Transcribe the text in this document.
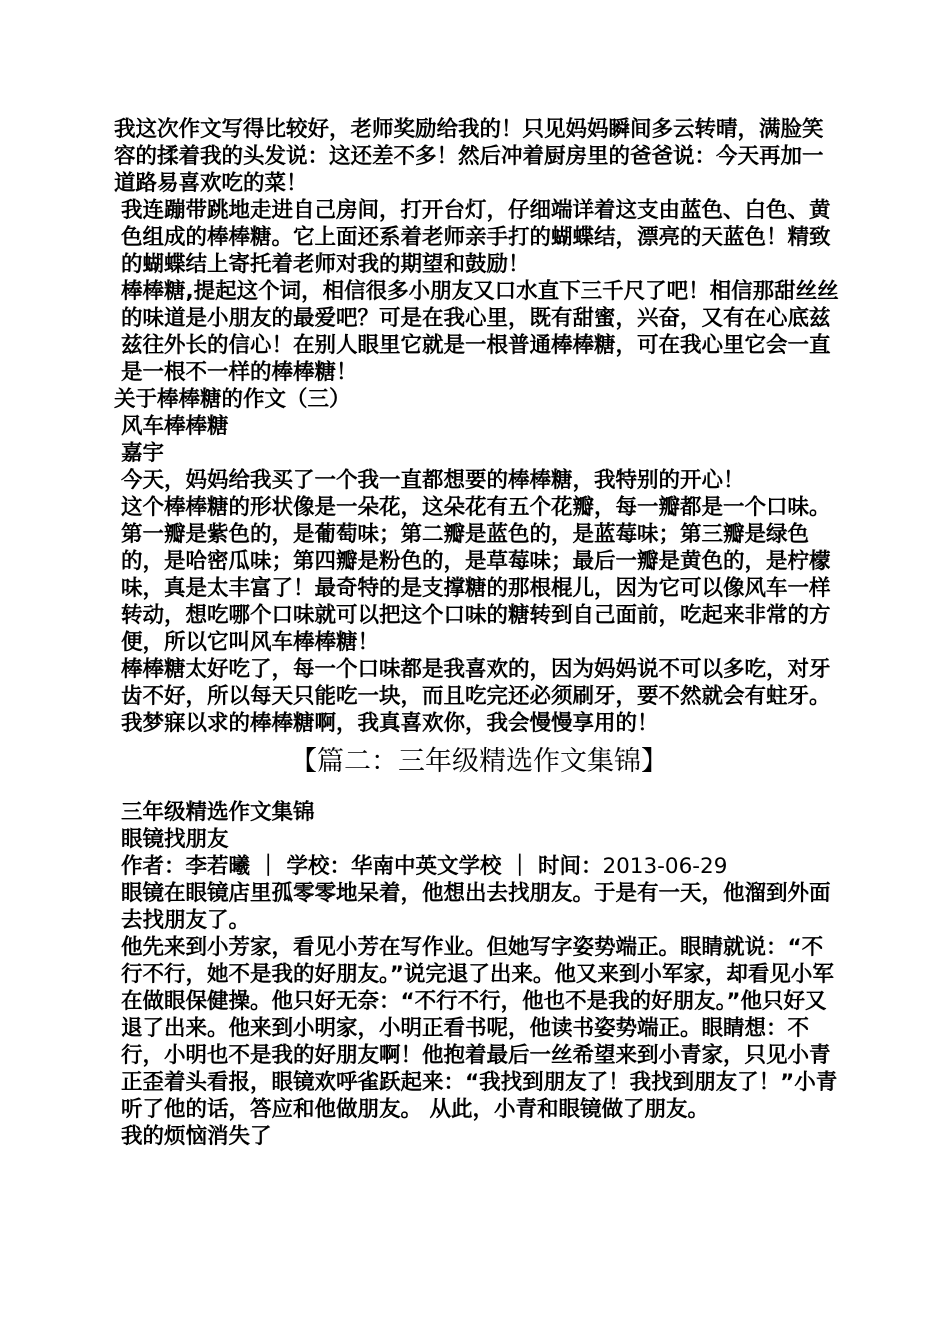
我这次作文写得比较好，老师奖励给我的！只见妈妈瞬间多云转晴，满脸笑容的揉着我的头发说：这还差不多！然后冲着厨房里的爸爸说：今天再加一道路易喜欢吃的菜！

我连蹦带跳地走进自己房间，打开台灯，仔细端详着这支由蓝色、白色、黄色组成的棒棒糖。它上面还系着老师亲手打的蝴蝶结，漂亮的天蓝色！精致的蝴蝶结上寄托着老师对我的期望和鼓励！

棒棒糖,提起这个词，相信很多小朋友又口水直下三千尺了吧！相信那甜丝丝的味道是小朋友的最爱吧？可是在我心里，既有甜蜜，兴奋，又有在心底兹兹往外长的信心！在别人眼里它就是一根普通棒棒糖，可在我心里它会一直是一根不一样的棒棒糖！

关于棒棒糖的作文（三）

风车棒棒糖

嘉宇

今天，妈妈给我买了一个我一直都想要的棒棒糖，我特别的开心！

这个棒棒糖的形状像是一朵花，这朵花有五个花瓣，每一瓣都是一个口味。第一瓣是紫色的，是葡萄味；第二瓣是蓝色的，是蓝莓味；第三瓣是绿色的，是哈密瓜味；第四瓣是粉色的，是草莓味；最后一瓣是黄色的，是柠檬味，真是太丰富了！最奇特的是支撑糖的那根棍儿，因为它可以像风车一样转动，想吃哪个口味就可以把这个口味的糖转到自己面前，吃起来非常的方便，所以它叫风车棒棒糖！

棒棒糖太好吃了，每一个口味都是我喜欢的，因为妈妈说不可以多吃，对牙齿不好，所以每天只能吃一块，而且吃完还必须刷牙，要不然就会有蛀牙。我梦寐以求的棒棒糖啊，我真喜欢你，我会慢慢享用的！

【篇二：三年级精选作文集锦】

三年级精选作文集锦

眼镜找朋友

作者：李若曦 ｜ 学校：华南中英文学校 ｜ 时间：2013-06-29

眼镜在眼镜店里孤零零地呆着，他想出去找朋友。于是有一天，他溜到外面去找朋友了。

他先来到小芳家，看见小芳在写作业。但她写字姿势端正。眼睛就说：“不行不行，她不是我的好朋友。”说完退了出来。他又来到小军家，却看见小军在做眼保健操。他只好无奈：“不行不行，他也不是我的好朋友。”他只好又退了出来。他来到小明家，小明正看书呢，他读书姿势端正。眼睛想：不行，小明也不是我的好朋友啊！他抱着最后一丝希望来到小青家，只见小青正歪着头看报，眼镜欢呼雀跃起来：“我找到朋友了！我找到朋友了！”小青听了他的话，答应和他做朋友。 从此，小青和眼镜做了朋友。

我的烦恼消失了
